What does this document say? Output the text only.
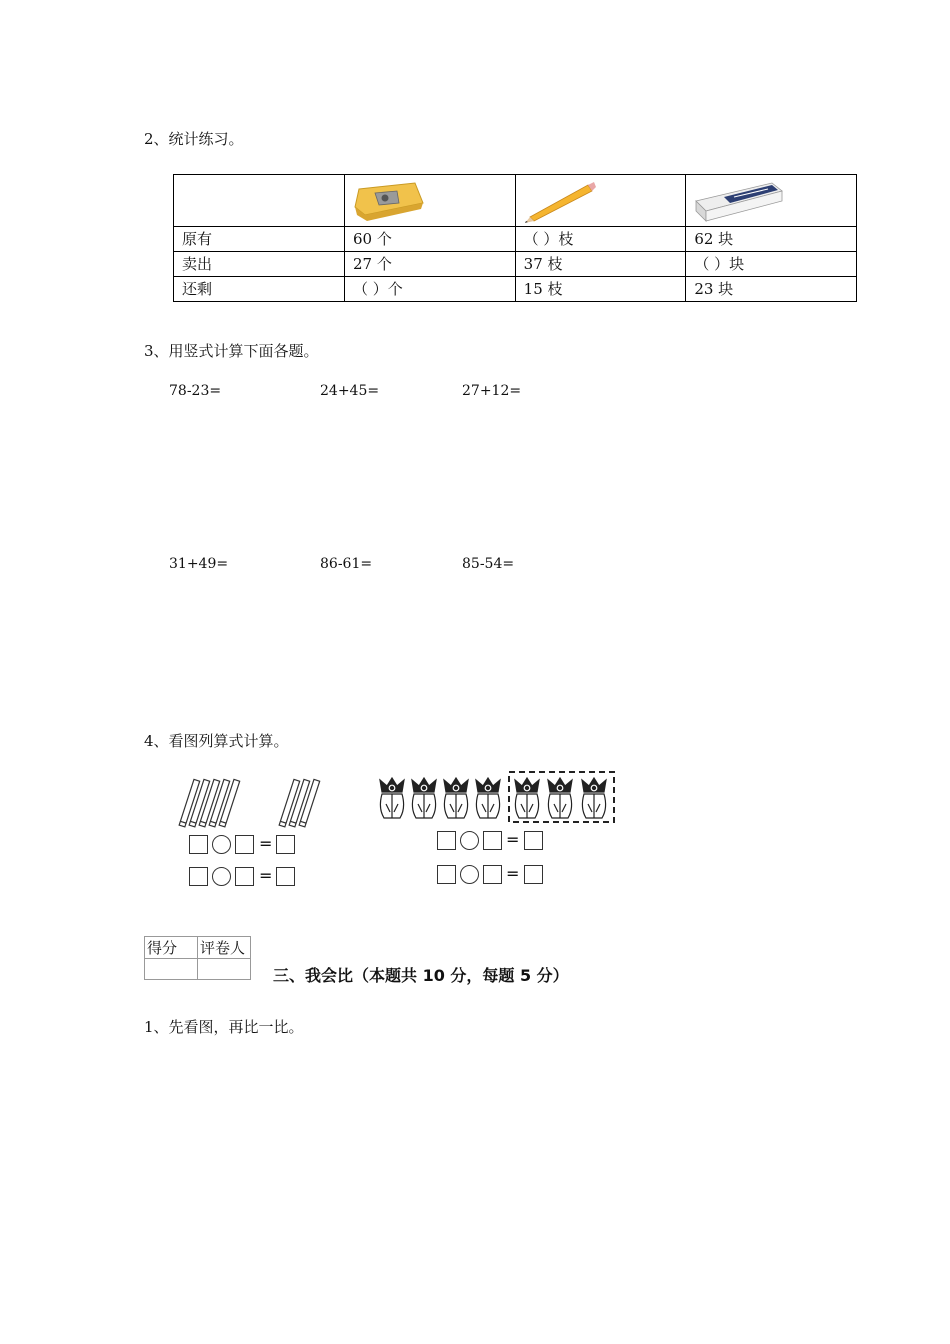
2、统计练习。

原有	60 个	（ ）枝	62 块
卖出	27 个	37 枝	（ ）块
还剩	（ ）个	15 枝	23 块
3、用竖式计算下面各题。
78-23=	24+45=	27+12=
31+49=	86-61=	85-54=
4、看图列算式计算。
=
=
=
=
得分	评卷人

三、我会比（本题共 10 分，每题 5 分）
1、先看图，再比一比。
